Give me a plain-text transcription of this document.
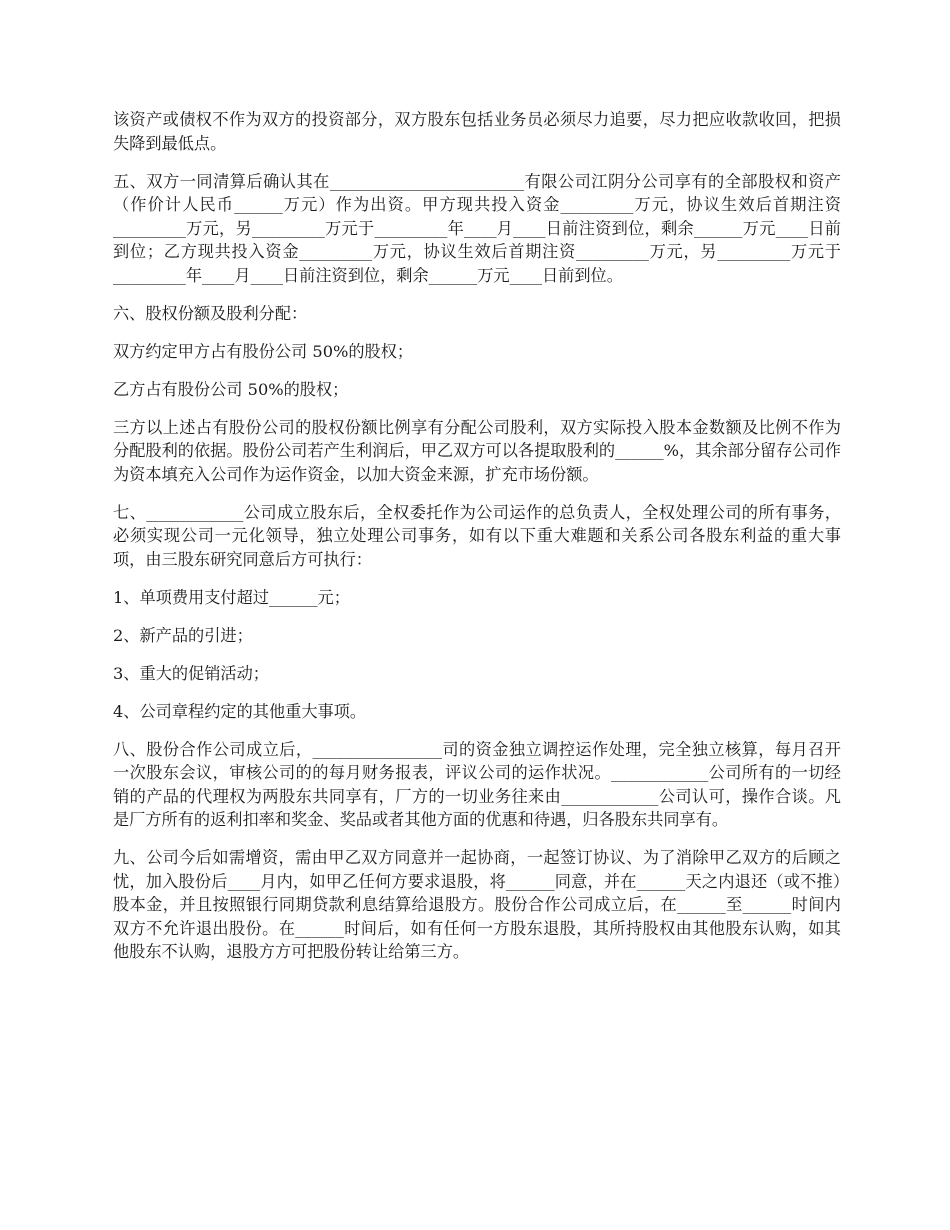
该资产或债权不作为双方的投资部分，双方股东包括业务员必须尽力追要，尽力把应收款收回，把损失降到最低点。

五、双方一同清算后确认其在________________________有限公司江阴分公司享有的全部股权和资产（作价计人民币______万元）作为出资。甲方现共投入资金_________万元，协议生效后首期注资_________万元，另_________万元于_________年____月____日前注资到位，剩余______万元____日前到位；乙方现共投入资金_________万元，协议生效后首期注资_________万元，另_________万元于_________年____月____日前注资到位，剩余______万元____日前到位。

六、股权份额及股利分配：

双方约定甲方占有股份公司 50%的股权；

乙方占有股份公司 50%的股权；

三方以上述占有股份公司的股权份额比例享有分配公司股利，双方实际投入股本金数额及比例不作为分配股利的依据。股份公司若产生利润后，甲乙双方可以各提取股利的______%，其余部分留存公司作为资本填充入公司作为运作资金，以加大资金来源，扩充市场份额。

七、____________公司成立股东后，全权委托作为公司运作的总负责人，全权处理公司的所有事务，必须实现公司一元化领导，独立处理公司事务，如有以下重大难题和关系公司各股东利益的重大事项，由三股东研究同意后方可执行：

1、单项费用支付超过______元；

2、新产品的引进；

3、重大的促销活动；

4、公司章程约定的其他重大事项。

八、股份合作公司成立后，________________司的资金独立调控运作处理，完全独立核算，每月召开一次股东会议，审核公司的的每月财务报表，评议公司的运作状况。____________公司所有的一切经销的产品的代理权为两股东共同享有，厂方的一切业务往来由____________公司认可，操作合谈。凡是厂方所有的返利扣率和奖金、奖品或者其他方面的优惠和待遇，归各股东共同享有。

九、公司今后如需增资，需由甲乙双方同意并一起协商，一起签订协议、为了消除甲乙双方的后顾之忧，加入股份后____月内，如甲乙任何方要求退股，将______同意，并在______天之内退还（或不推）股本金，并且按照银行同期贷款利息结算给退股方。股份合作公司成立后，在______至______时间内双方不允许退出股份。在______时间后，如有任何一方股东退股，其所持股权由其他股东认购，如其他股东不认购，退股方方可把股份转让给第三方。
